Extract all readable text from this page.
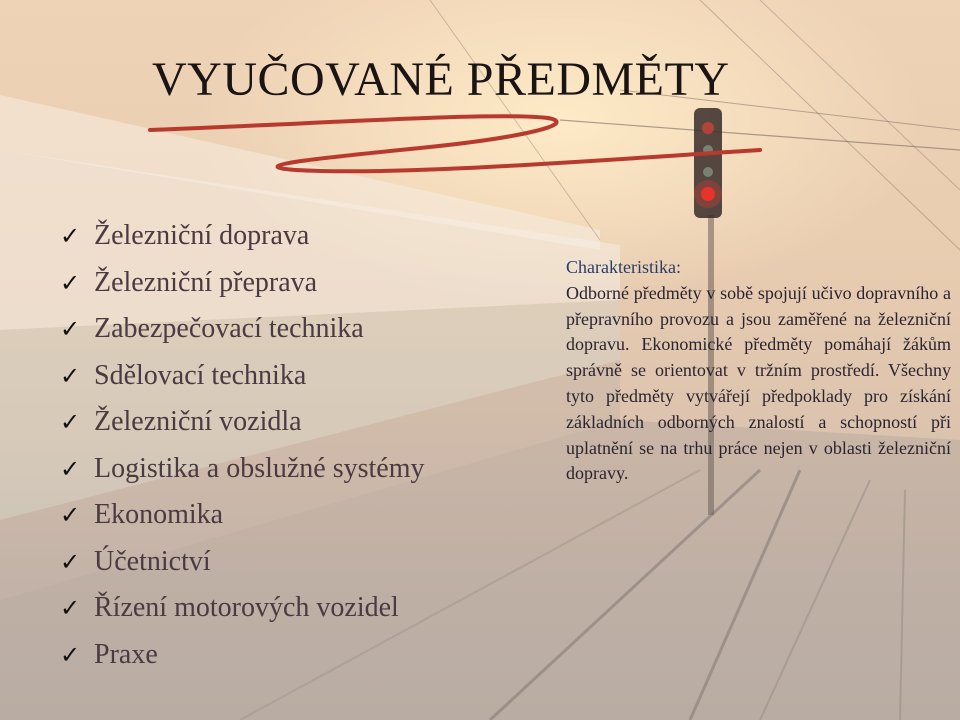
VYUČOVANÉ PŘEDMĚTY
✓ Železniční doprava
✓ Železniční přeprava
✓ Zabezpečovací technika
✓ Sdělovací technika
✓ Železniční vozidla
✓ Logistika a obslužné systémy
✓ Ekonomika
✓ Účetnictví
✓ Řízení motorových vozidel
✓ Praxe
Charakteristika:
Odborné předměty v sobě spojují učivo dopravního a přepravního provozu a jsou zaměřené na železniční dopravu. Ekonomické předměty pomáhají žákům správně se orientovat v tržním prostředí. Všechny tyto předměty vytvářejí předpoklady pro získání základních odborných znalostí a schopností při uplatnění se na trhu práce nejen v oblasti železniční dopravy.
